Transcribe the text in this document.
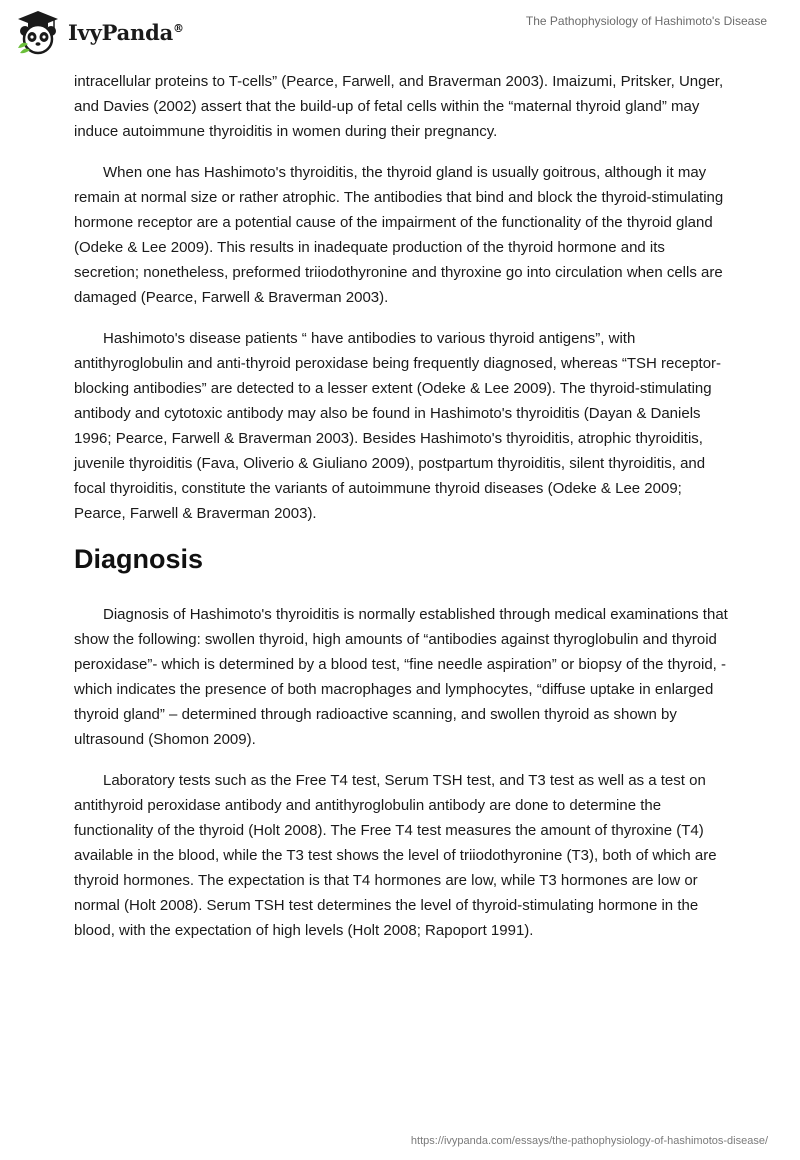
IvyPanda®	The Pathophysiology of Hashimoto's Disease

intracellular proteins to T-cells” (Pearce, Farwell, and Braverman 2003). Imaizumi, Pritsker, Unger, and Davies (2002) assert that the build-up of fetal cells within the “maternal thyroid gland” may induce autoimmune thyroiditis in women during their pregnancy.

When one has Hashimoto's thyroiditis, the thyroid gland is usually goitrous, although it may remain at normal size or rather atrophic. The antibodies that bind and block the thyroid-stimulating hormone receptor are a potential cause of the impairment of the functionality of the thyroid gland (Odeke & Lee 2009). This results in inadequate production of the thyroid hormone and its secretion; nonetheless, preformed triiodothyronine and thyroxine go into circulation when cells are damaged (Pearce, Farwell & Braverman 2003).

Hashimoto's disease patients “ have antibodies to various thyroid antigens”, with antithyroglobulin and anti-thyroid peroxidase being frequently diagnosed, whereas “TSH receptor-blocking antibodies” are detected to a lesser extent (Odeke & Lee 2009). The thyroid-stimulating antibody and cytotoxic antibody may also be found in Hashimoto's thyroiditis (Dayan & Daniels 1996; Pearce, Farwell & Braverman 2003). Besides Hashimoto's thyroiditis, atrophic thyroiditis, juvenile thyroiditis (Fava, Oliverio & Giuliano 2009), postpartum thyroiditis, silent thyroiditis, and focal thyroiditis, constitute the variants of autoimmune thyroid diseases (Odeke & Lee 2009; Pearce, Farwell & Braverman 2003).

Diagnosis

Diagnosis of Hashimoto's thyroiditis is normally established through medical examinations that show the following: swollen thyroid, high amounts of “antibodies against thyroglobulin and thyroid peroxidase”- which is determined by a blood test, “fine needle aspiration” or biopsy of the thyroid, - which indicates the presence of both macrophages and lymphocytes, “diffuse uptake in enlarged thyroid gland” – determined through radioactive scanning, and swollen thyroid as shown by ultrasound (Shomon 2009).

Laboratory tests such as the Free T4 test, Serum TSH test, and T3 test as well as a test on antithyroid peroxidase antibody and antithyroglobulin antibody are done to determine the functionality of the thyroid (Holt 2008). The Free T4 test measures the amount of thyroxine (T4) available in the blood, while the T3 test shows the level of triiodothyronine (T3), both of which are thyroid hormones. The expectation is that T4 hormones are low, while T3 hormones are low or normal (Holt 2008). Serum TSH test determines the level of thyroid-stimulating hormone in the blood, with the expectation of high levels (Holt 2008; Rapoport 1991).

https://ivypanda.com/essays/the-pathophysiology-of-hashimotos-disease/
